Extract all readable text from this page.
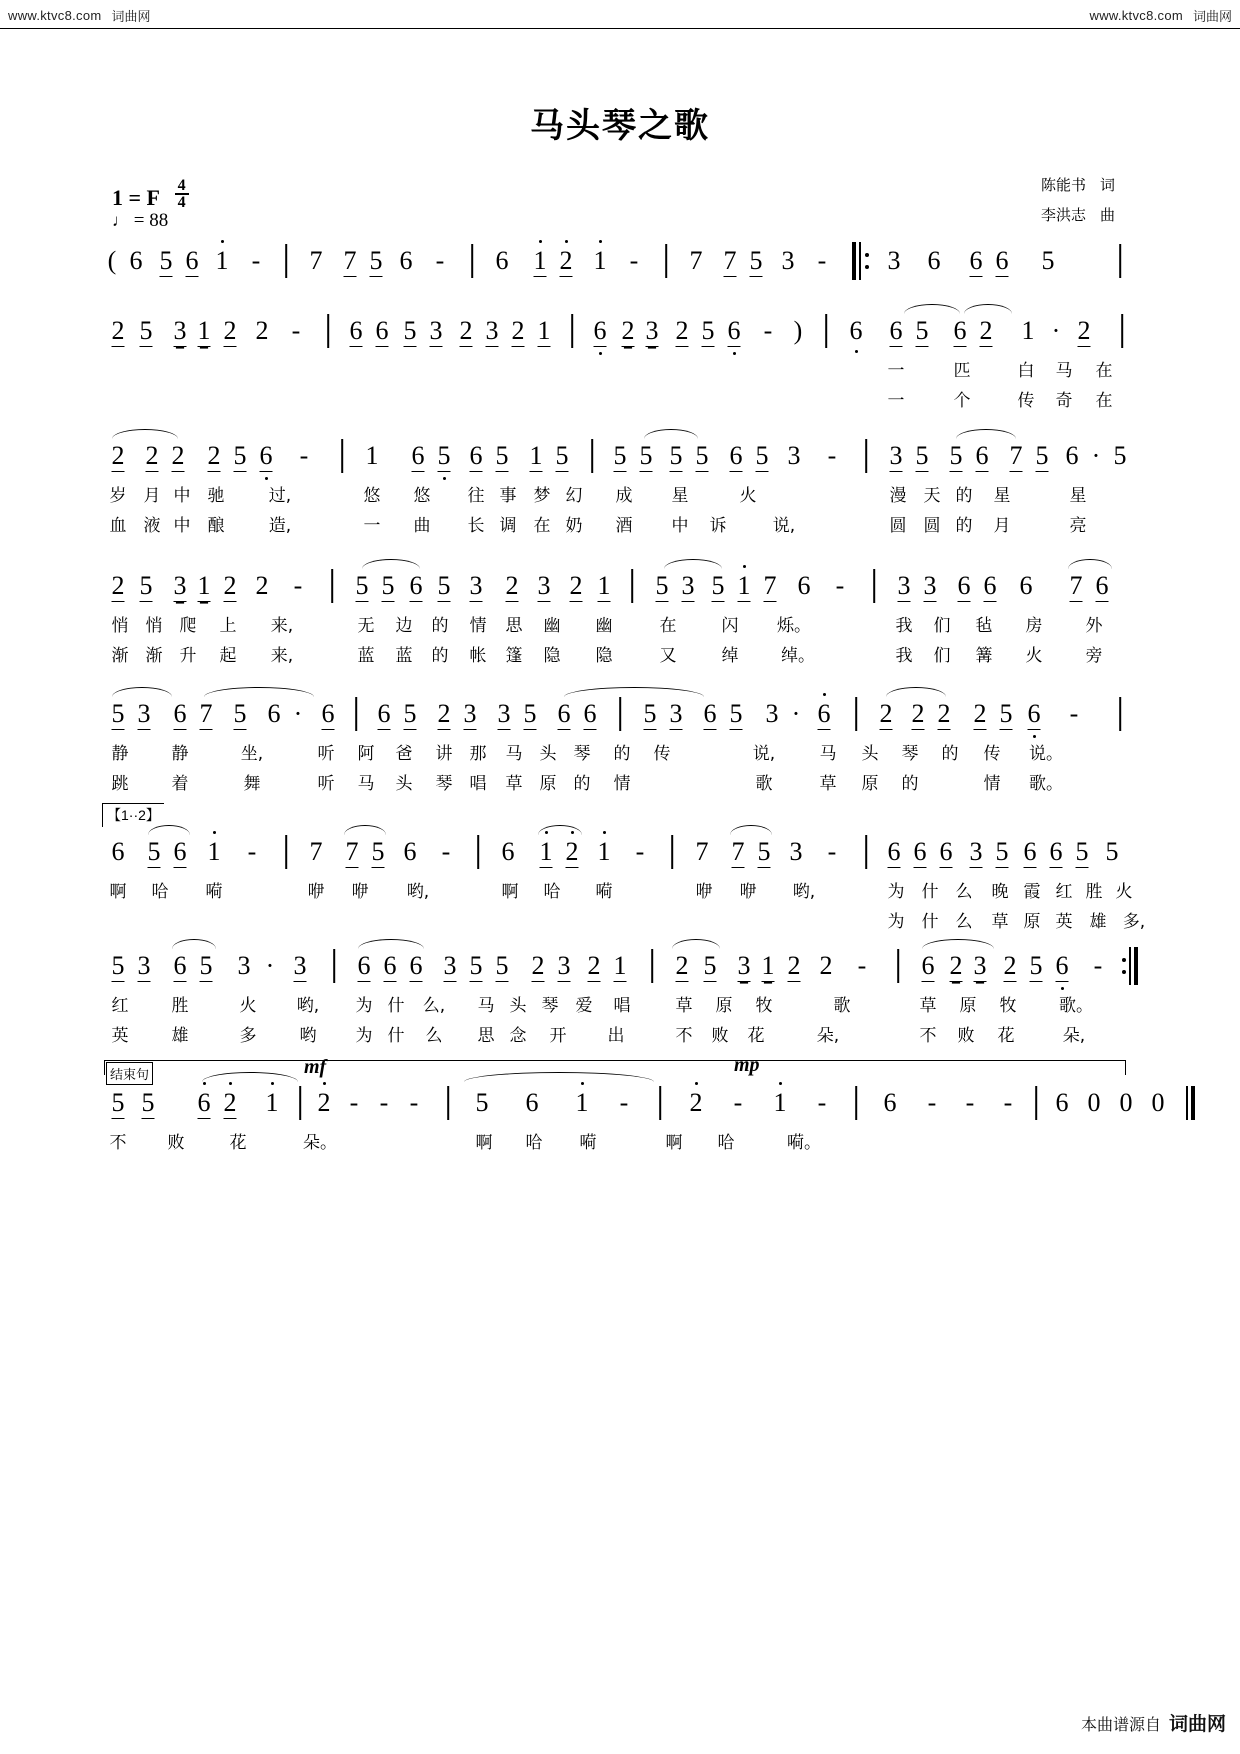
www.ktvc8.com 词曲网	www.ktvc8.com 词曲网
马头琴之歌
陈能书 词
李洪志 曲
1 = F $\frac{4}{4}$
♩ = 88
( 6 5 6 1 - 7 7 5 6 - 6 1 2 1 - 7 7 5 3 - 3 6 6 6 5
2 5 3 1 2 2 - 6 6 5 3 2 3 2 1 6 2 3 2 5 6 - ) 6 6 5 6 2 1 · 2
一	匹	白 马 在
一	个	传 奇 在
2 2 2 2 5 6 - 1 6 5 6 5 1 5 5 5 5 5 6 5 3 - 3 5 5 6 7 5 6 · 5
岁 月 中 驰	过,	悠 悠 往 事 梦 幻 成 星	火	漫 天 的 星	星
血 液 中 酿	造,	一 曲 长 调 在 奶 酒 中 诉	说,	圆 圆 的 月	亮
2 5 3 1 2 2 - 5 5 6 5 3 2 3 2 1 5 3 5 1 7 6 - 3 3 6 6 6 7 6
悄 悄 爬 上 来,	无 边 的 情 思 幽 幽	在	闪 烁。	我 们 毡 房	外
渐 渐 升 起 来,	蓝 蓝 的 帐 篷 隐 隐	又	绰	绰。	我 们 篝 火	旁
5 3 6 7 5 6 · 6 6 5 2 3 3 5 6 6 5 3 6 5 3 · 6 2 2 2 2 5 6 -
静	静	坐,	听 阿 爸 讲 那 马 头 琴 的 传	说,	马 头 琴 的 传 说。
跳	着	舞	听 马 头 琴 唱 草 原 的 情	歌	草 原 的	情 歌。
【1··2】
6 5 6 1 - 7 7 5 6 - 6 1 2 1 - 7 7 5 3 - 6 6 6 3 5 6 6 5 5
啊 哈 嗬	咿 咿 哟,	啊 哈 嗬	咿 咿 哟,	为 什 么 晚 霞 红 胜 火
为 什 么 草 原 英 雄 多,
5 3 6 5 3 · 3 6 6 6 3 5 5 2 3 2 1 2 5 3 1 2 2 - 6 2 3 2 5 6 -
红	胜	火 哟, 为 什 么, 马 头 琴 爱 唱	草 原 牧	歌	草 原 牧	歌。
英	雄	多	哟 为 什 么 思 念 开 出	不 败 花	朵,	不 败 花	朵,
结束句	mf	mp
5 5 6 2 1 2 - - - 5 6 1 - 2 - 1 - 6 - - - 6 0 0 0
不 败	花	朵。	啊 哈 嗬	啊 哈	嗬。
本曲谱源自 词曲网
